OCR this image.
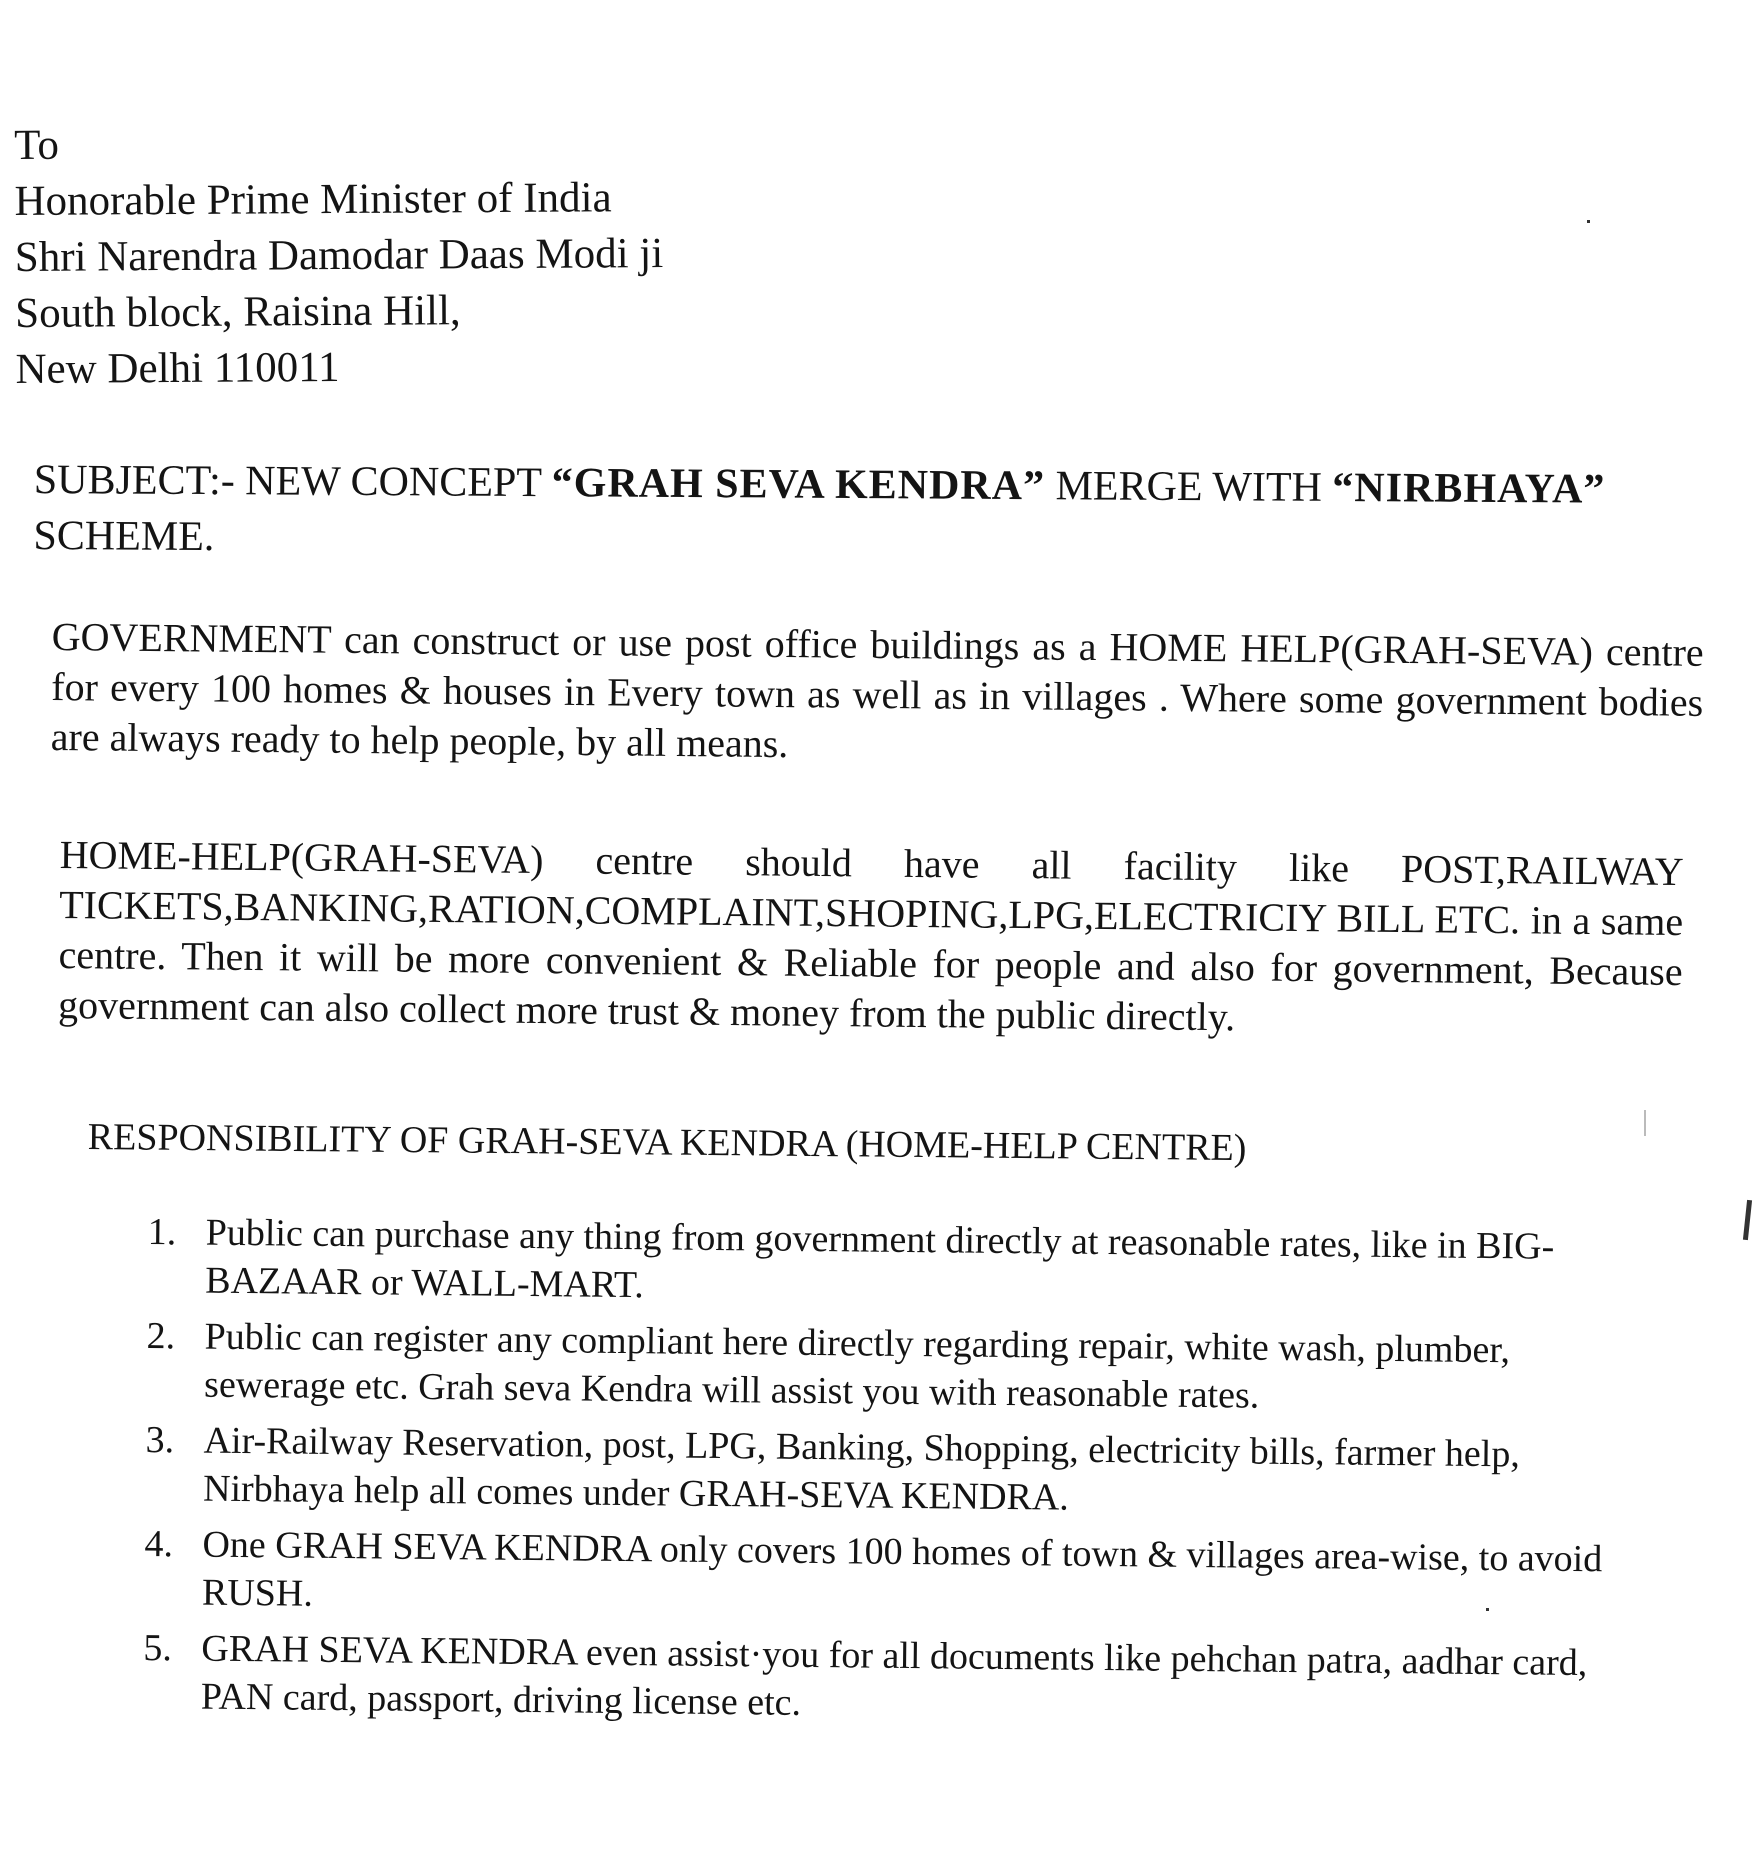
To
Honorable Prime Minister of India
Shri Narendra Damodar Daas Modi ji
South block, Raisina Hill,
New Delhi 110011
SUBJECT:- NEW CONCEPT “GRAH SEVA KENDRA” MERGE WITH “NIRBHAYA” SCHEME.
GOVERNMENT can construct or use post office buildings as a HOME HELP(GRAH-SEVA) centre for every 100 homes & houses in Every town as well as in villages . Where some government bodies are always ready to help people, by all means.
HOME-HELP(GRAH-SEVA) centre should have all facility like POST,RAILWAY TICKETS,BANKING,RATION,COMPLAINT,SHOPING,LPG,ELECTRICIY BILL ETC. in a same centre. Then it will be more convenient & Reliable for people and also for government, Because government can also collect more trust & money from the public directly.
RESPONSIBILITY OF GRAH-SEVA KENDRA (HOME-HELP CENTRE)
1. Public can purchase any thing from government directly at reasonable rates, like in BIG-BAZAAR or WALL-MART.
2. Public can register any compliant here directly regarding repair, white wash, plumber, sewerage etc. Grah seva Kendra will assist you with reasonable rates.
3. Air-Railway Reservation, post, LPG, Banking, Shopping, electricity bills, farmer help, Nirbhaya help all comes under GRAH-SEVA KENDRA.
4. One GRAH SEVA KENDRA only covers 100 homes of town & villages area-wise, to avoid RUSH.
5. GRAH SEVA KENDRA even assist·you for all documents like pehchan patra, aadhar card, PAN card, passport, driving license etc.
